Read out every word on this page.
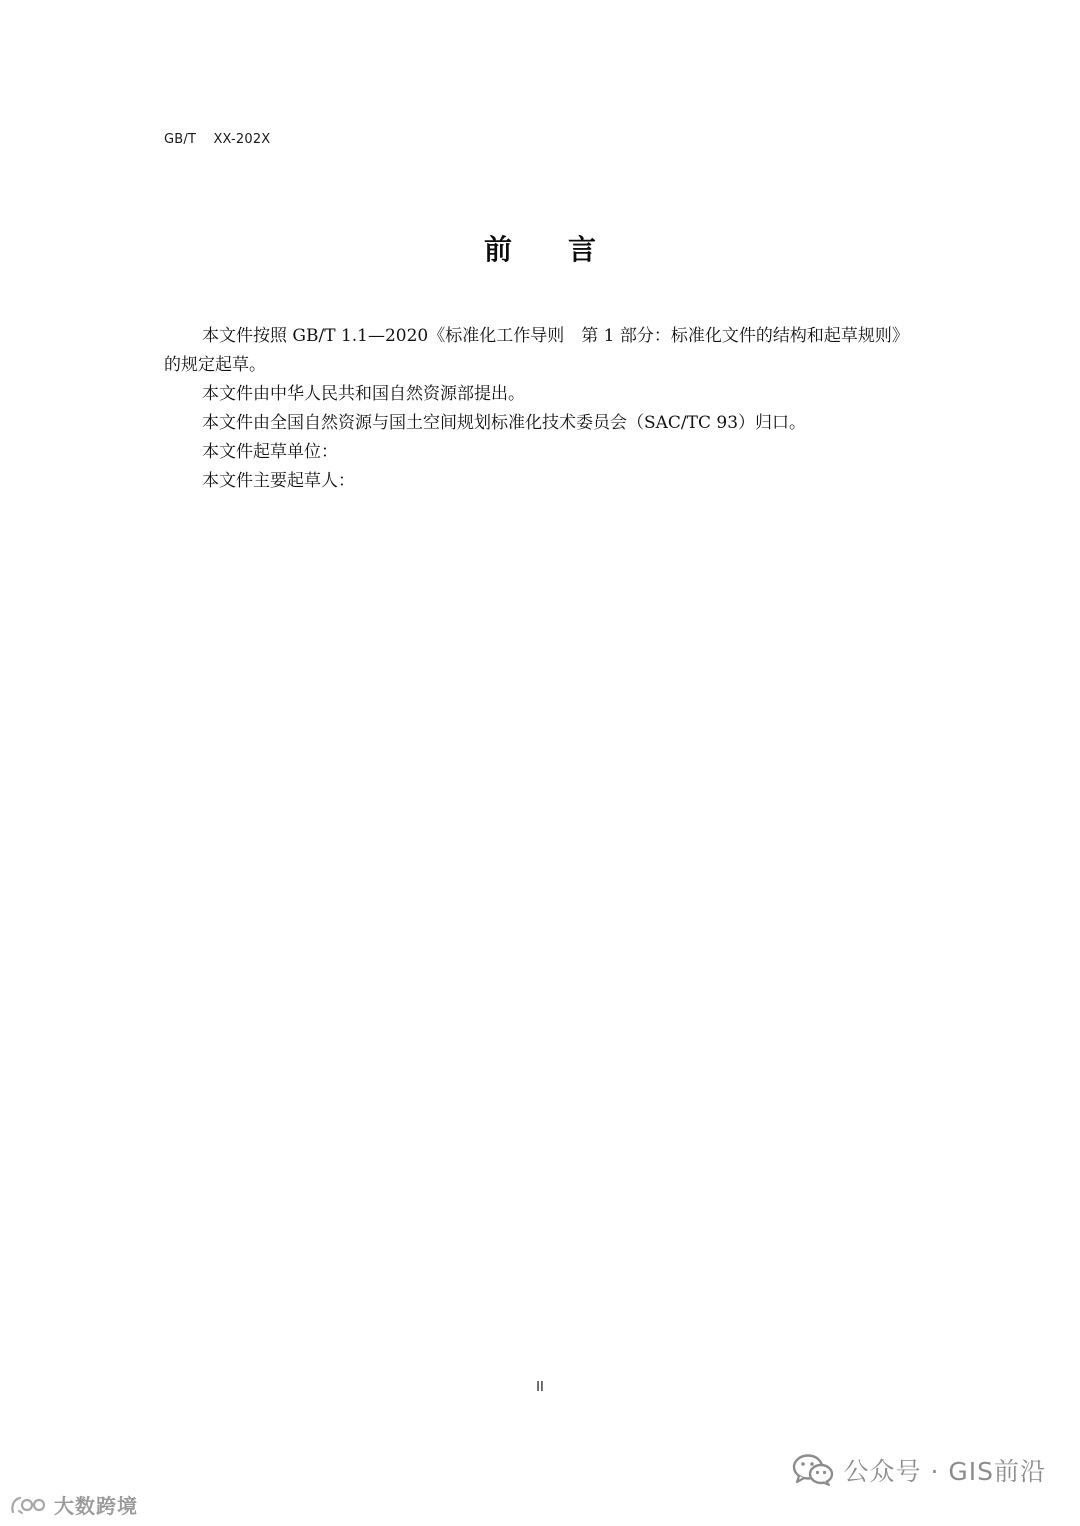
GB/T    XX-202X
前言

本文件按照 GB/T 1.1—2020《标准化工作导则　第 1 部分：标准化文件的结构和起草规则》的规定起草。

本文件由中华人民共和国自然资源部提出。

本文件由全国自然资源与国土空间规划标准化技术委员会（SAC/TC 93）归口。

本文件起草单位：

本文件主要起草人：

II
大数跨境
公众号 · GIS前沿
